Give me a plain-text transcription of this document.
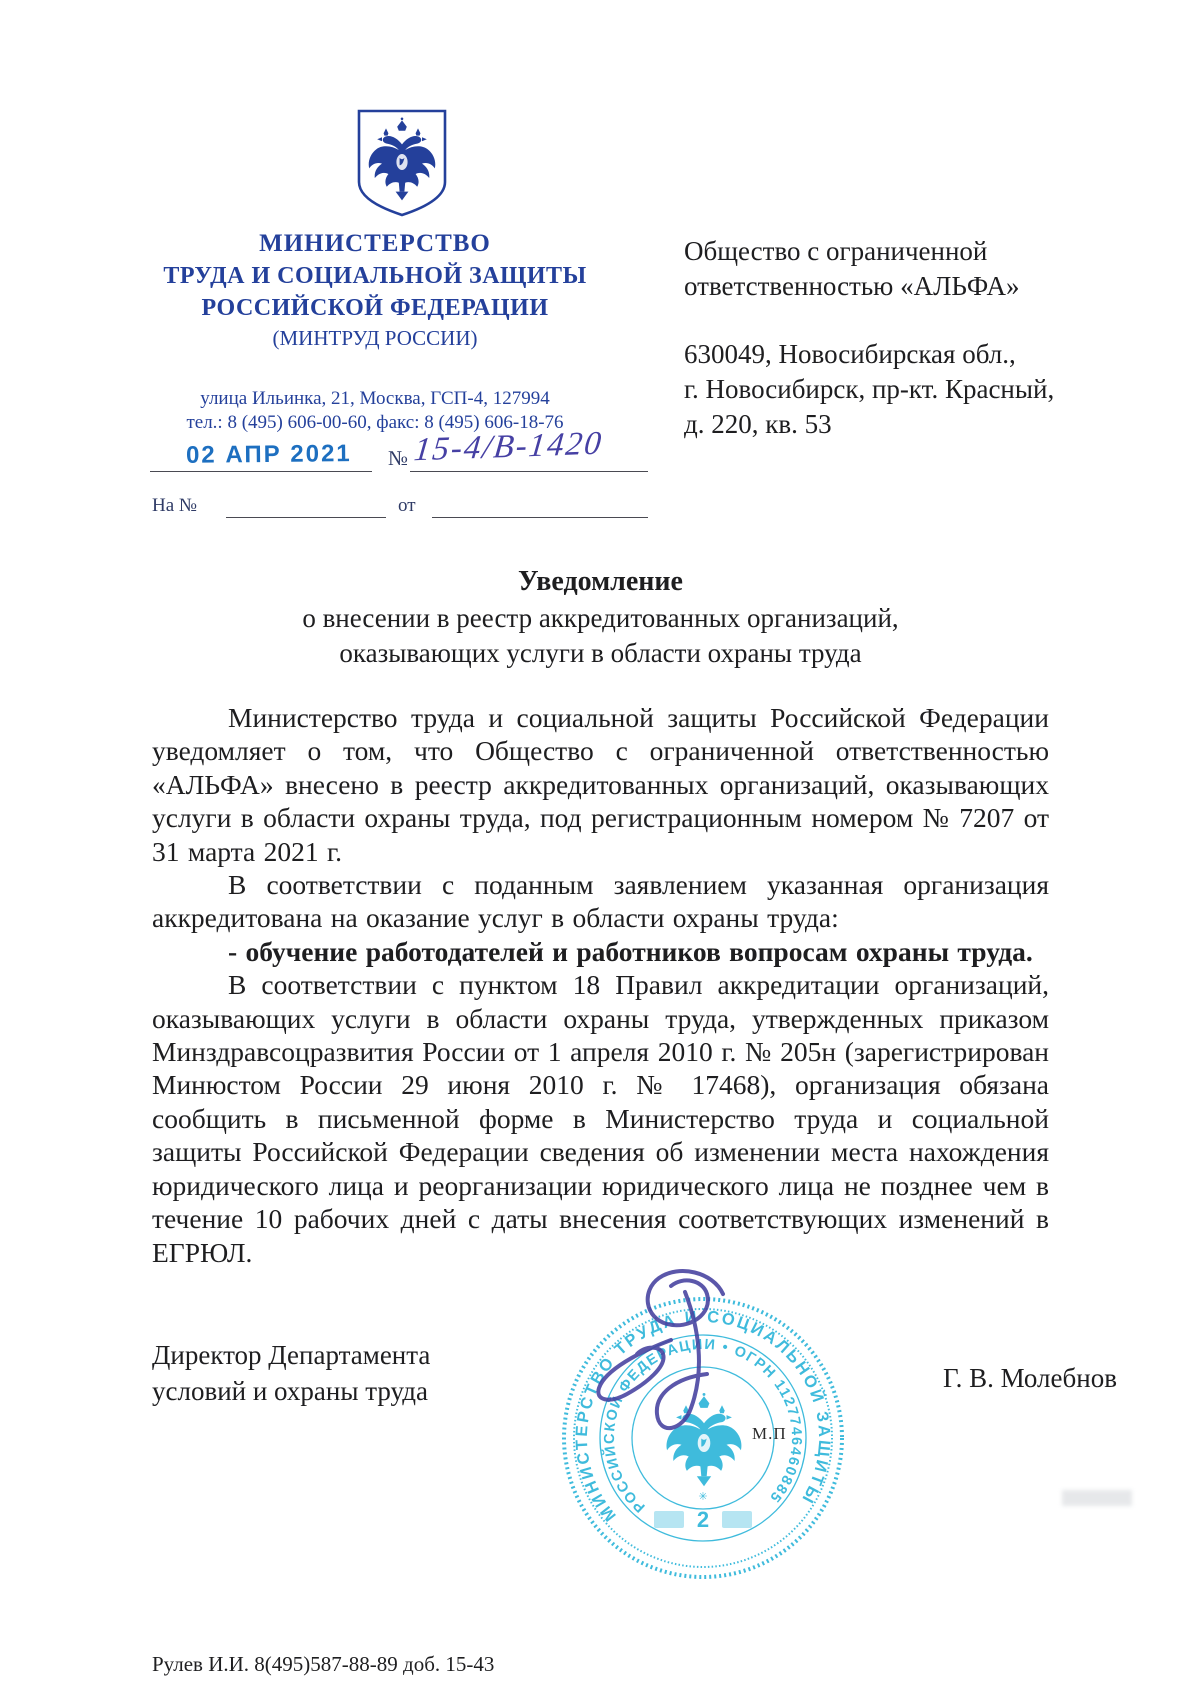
МИНИСТЕРСТВО
ТРУДА И СОЦИАЛЬНОЙ ЗАЩИТЫ
РОССИЙСКОЙ ФЕДЕРАЦИИ
(МИНТРУД РОССИИ)
улица Ильинка, 21, Москва, ГСП-4, 127994
тел.: 8 (495) 606-00-60, факс: 8 (495) 606-18-76
02 АПР 2021 № 15-4/В-1420
На №	от
Общество с ограниченной
ответственностью «АЛЬФА»
630049, Новосибирская обл.,
г. Новосибирск, пр-кт. Красный,
д. 220, кв. 53
Уведомление
о внесении в реестр аккредитованных организаций,
оказывающих услуги в области охраны труда

Министерство труда и социальной защиты Российской Федерации уведомляет о том, что Общество с ограниченной ответственностью «АЛЬФА» внесено в реестр аккредитованных организаций, оказывающих услуги в области охраны труда, под регистрационным номером № 7207 от 31 марта 2021 г.

В соответствии с поданным заявлением указанная организация аккредитована на оказание услуг в области охраны труда:

- обучение работодателей и работников вопросам охраны труда.

В соответствии с пунктом 18 Правил аккредитации организаций, оказывающих услуги в области охраны труда, утвержденных приказом Минздравсоцразвития России от 1 апреля 2010 г. № 205н (зарегистрирован Минюстом России 29 июня 2010 г. № 17468), организация обязана сообщить в письменной форме в Министерство труда и социальной защиты Российской Федерации сведения об изменении места нахождения юридического лица и реорганизации юридического лица не позднее чем в течение 10 рабочих дней с даты внесения соответствующих изменений в ЕГРЮЛ.

Директор Департамента
условий и охраны труда	Г. В. Молебнов
МИНИСТЕРСТВО ТРУДА И СОЦИАЛЬНОЙ ЗАЩИТЫ
РОССИЙСКОЙ ФЕДЕРАЦИИ • ОГРН 1127746460885
✳
2
М.П
Рулев И.И. 8(495)587-88-89 доб. 15-43
